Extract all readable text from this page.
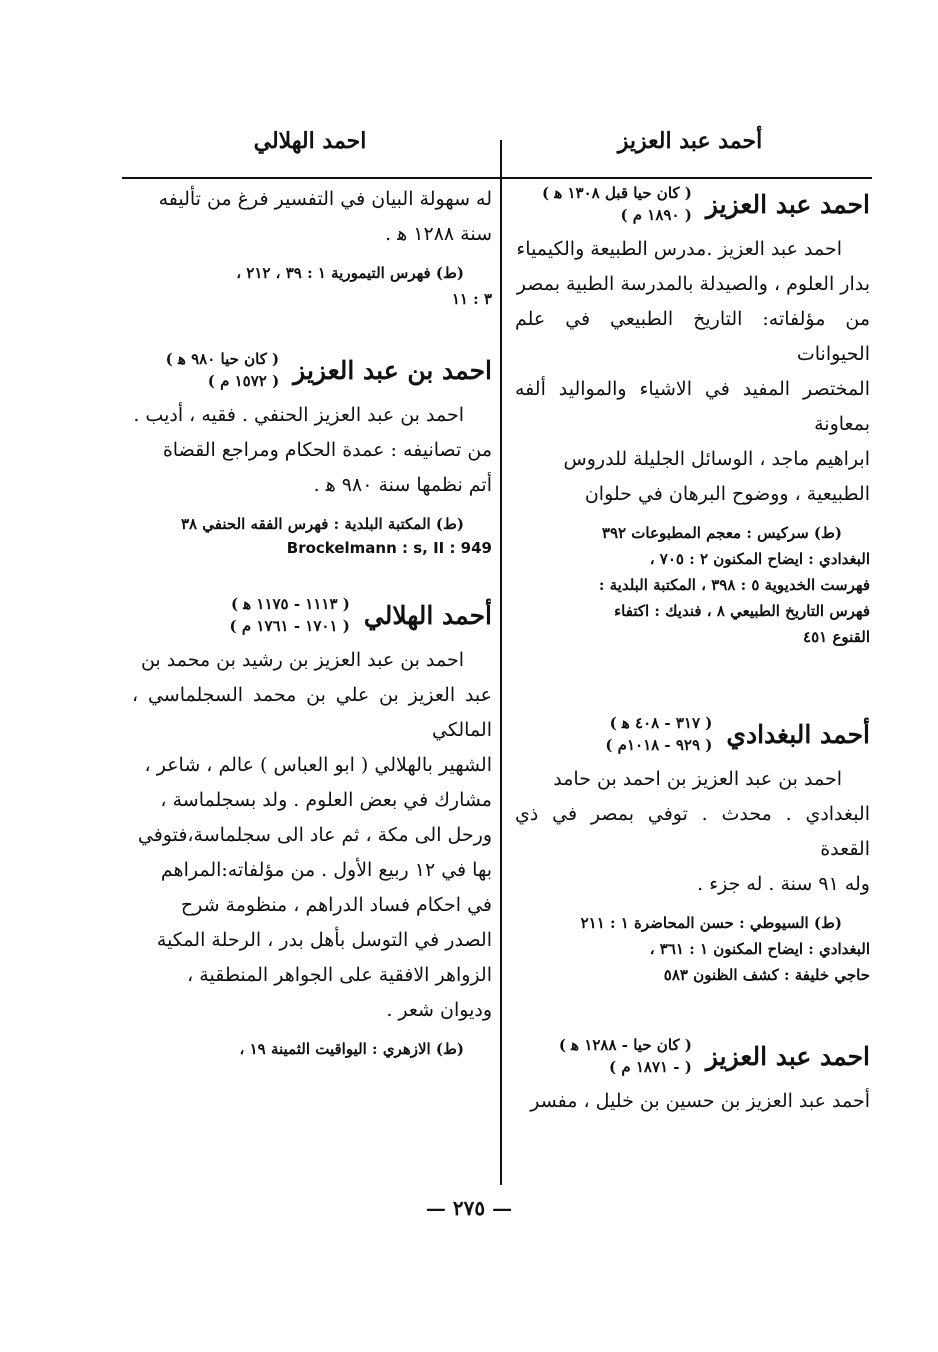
أحمد عبد العزيز
احمد الهلالي
احمد عبد العزيز
( كان حيا قبل ١٣٠٨ ﻫ )
( ١٨٩٠ م )

احمد عبد العزيز .مدرس الطبيعة والكيمياء

بدار العلوم ، والصيدلة بالمدرسة الطبية بمصر

من مؤلفاته: التاريخ الطبيعي في علم الحيوانات

المختصر المفيد في الاشياء والمواليد ألفه بمعاونة

ابراهيم ماجد ، الوسائل الجليلة للدروس

الطبيعية ، ووضوح البرهان في حلوان

(ط) سركيس : معجم المطبوعات ٣٩٢
البغدادي : ايضاح المكنون ٢ : ٧٠٥ ،
فهرست الخديوية ٥ : ٣٩٨ ، المكتبة البلدية :
فهرس التاريخ الطبيعي ٨ ، فنديك : اكتفاء
القنوع ٤٥١
أحمد البغدادي
( ٣١٧ - ٤٠٨ ﻫ )
( ٩٢٩ - ١٠١٨م )

احمد بن عبد العزيز بن احمد بن حامد

البغدادي . محدث . توفي بمصر في ذي القعدة

وله ٩١ سنة . له جزء .

(ط) السيوطي : حسن المحاضرة ١ : ٢١١
البغدادي : ايضاح المكنون ١ : ٣٦١ ،
حاجي خليفة : كشف الظنون ٥٨٣
احمد عبد العزيز
( كان حيا - ١٢٨٨ ﻫ )
( - ١٨٧١ م )

أحمد عبد العزيز بن حسين بن خليل ، مفسر

له سهولة البيان في التفسير فرغ من تأليفه

سنة ١٢٨٨ ﻫ .

(ط) فهرس التيمورية ١ : ٣٩ ، ٢١٢ ،
٣ : ١١
احمد بن عبد العزيز
( كان حيا ٩٨٠ ﻫ )
( ١٥٧٢ م )

احمد بن عبد العزيز الحنفي . فقيه ، أديب .

من تصانيفه : عمدة الحكام ومراجع القضاة

أتم نظمها سنة ٩٨٠ ﻫ .

(ط) المكتبة البلدية : فهرس الفقه الحنفي ٣٨
Brockelmann : s, II : 949
أحمد الهلالي
( ١١١٣ - ١١٧٥ ﻫ )
( ١٧٠١ - ١٧٦١ م )

احمد بن عبد العزيز بن رشيد بن محمد بن

عبد العزيز بن علي بن محمد السجلماسي ، المالكي

الشهير بالهلالي ( ابو العباس ) عالم ، شاعر ،

مشارك في بعض العلوم . ولد بسجلماسة ،

ورحل الى مكة ، ثم عاد الى سجلماسة،فتوفي

بها في ١٢ ربيع الأول . من مؤلفاته:المراهم

في احكام فساد الدراهم ، منظومة شرح

الصدر في التوسل بأهل بدر ، الرحلة المكية

الزواهر الافقية على الجواهر المنطقية ،

وديوان شعر .

(ط) الازهري : اليواقيت الثمينة ١٩ ،
— ٢٧٥ —
